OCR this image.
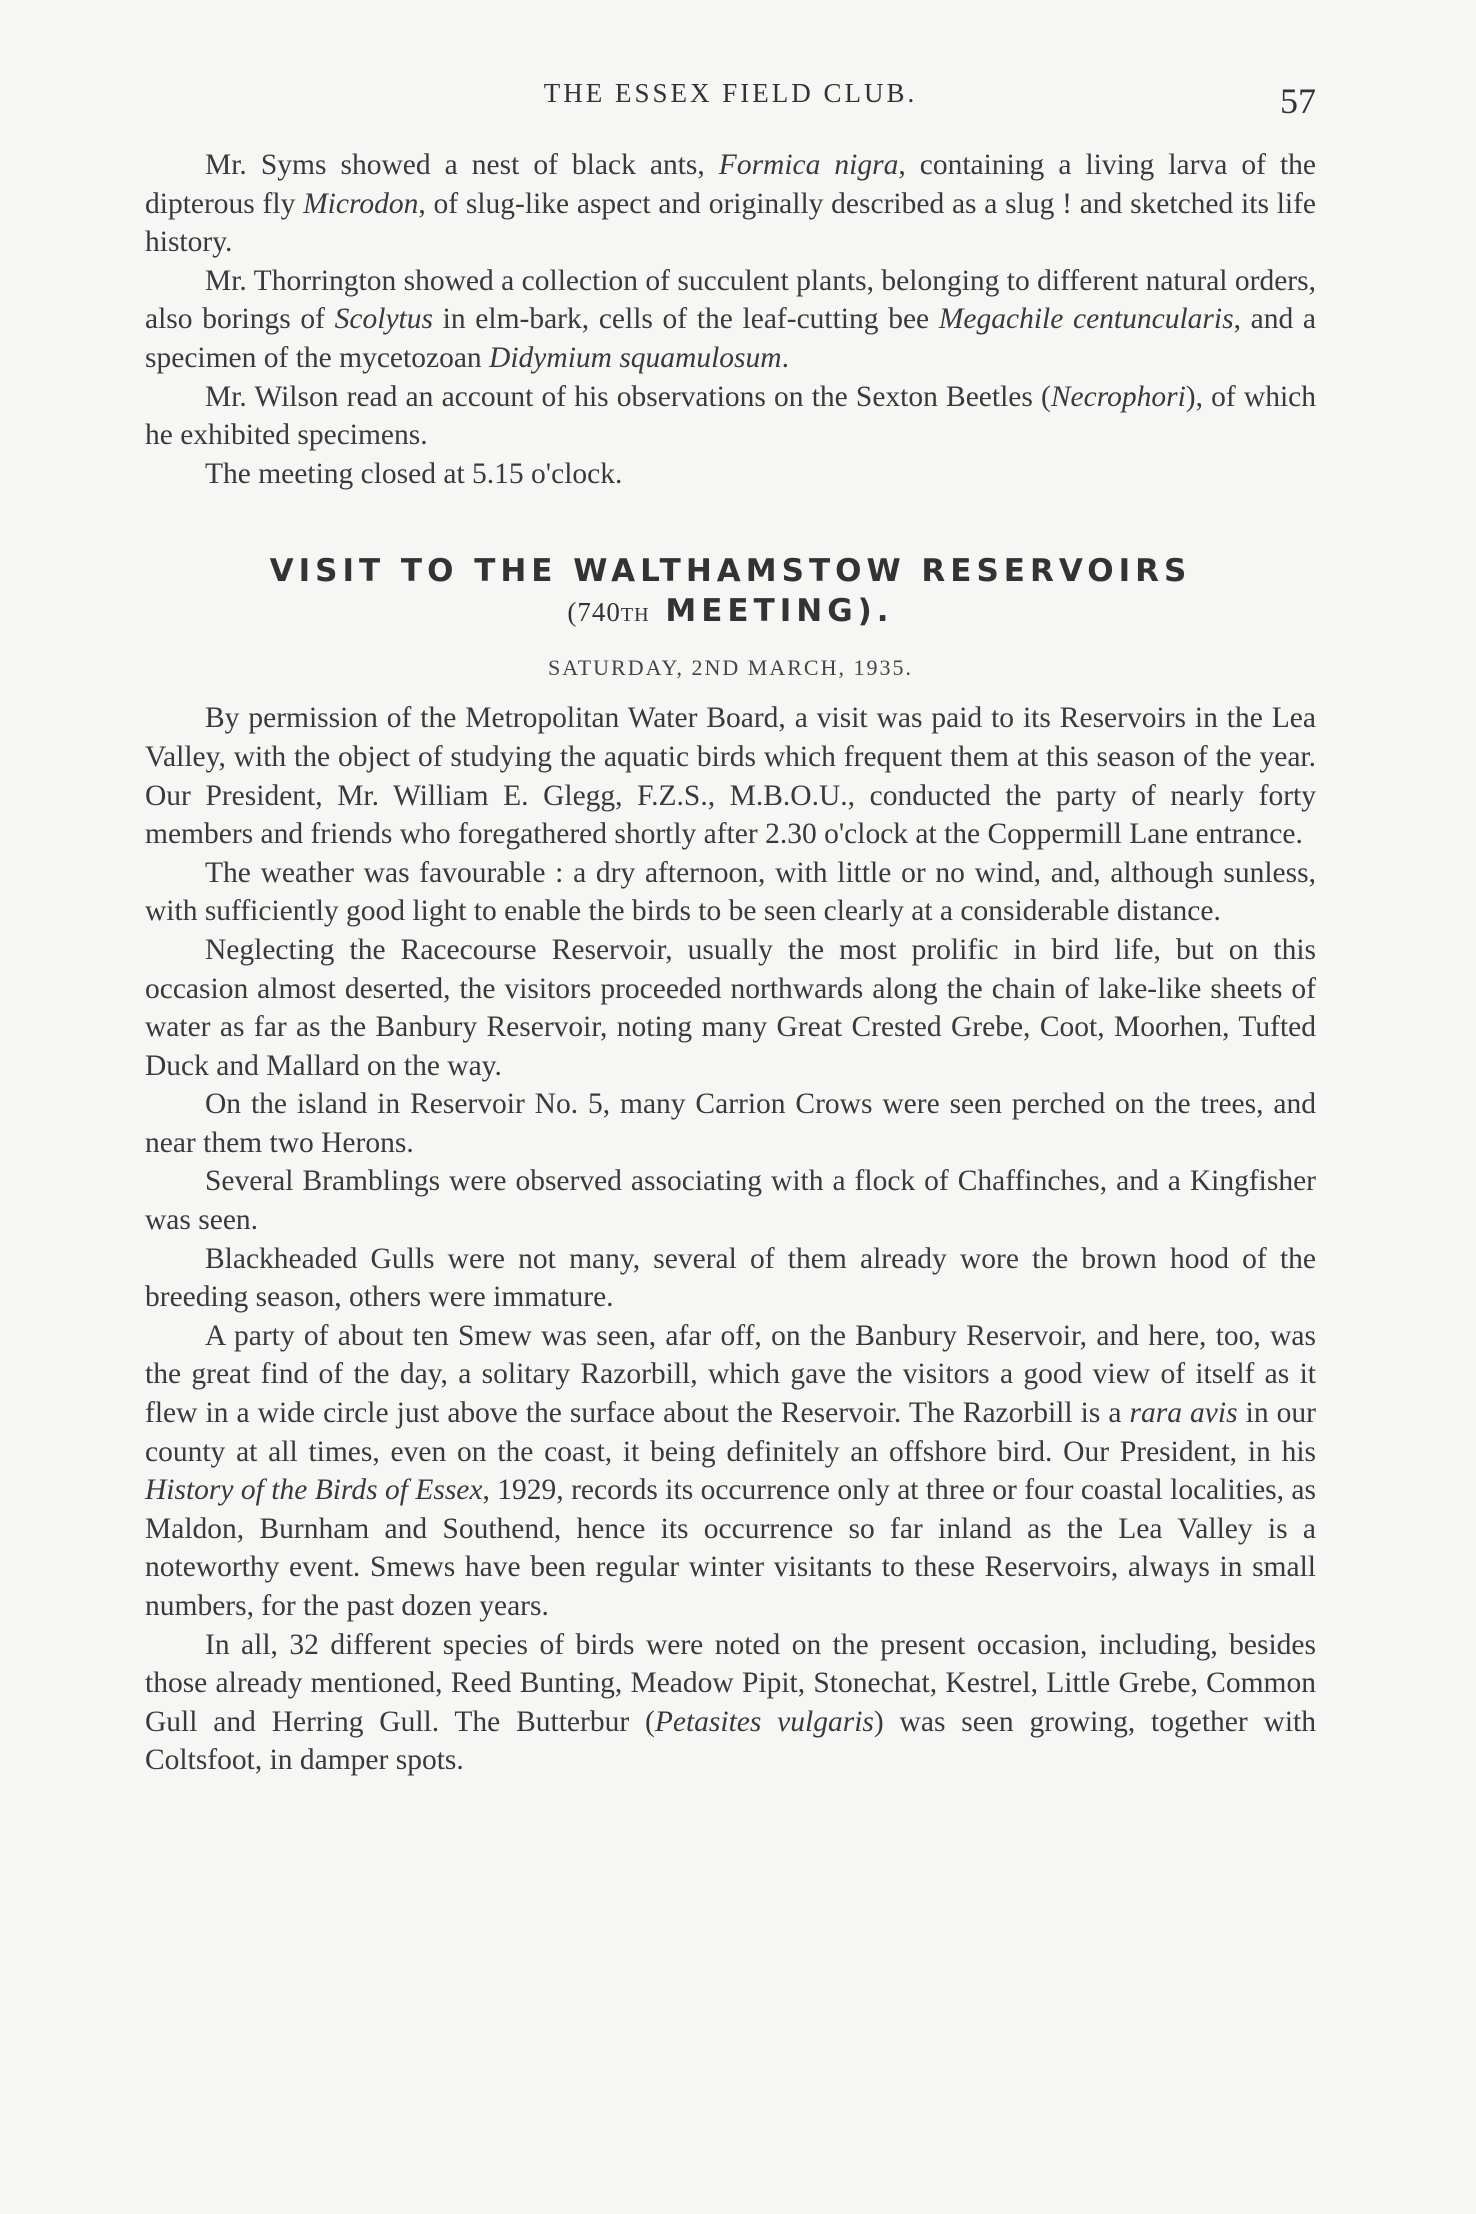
THE ESSEX FIELD CLUB.	57

Mr. Syms showed a nest of black ants, Formica nigra, containing a living larva of the dipterous fly Microdon, of slug-like aspect and originally described as a slug ! and sketched its life history.

Mr. Thorrington showed a collection of succulent plants, belonging to different natural orders, also borings of Scolytus in elm-bark, cells of the leaf-cutting bee Megachile centuncularis, and a specimen of the mycetozoan Didymium squamulosum.

Mr. Wilson read an account of his observations on the Sexton Beetles (Necrophori), of which he exhibited specimens.

The meeting closed at 5.15 o'clock.

VISIT TO THE WALTHAMSTOW RESERVOIRS
(740TH MEETING).
SATURDAY, 2ND MARCH, 1935.

By permission of the Metropolitan Water Board, a visit was paid to its Reservoirs in the Lea Valley, with the object of studying the aquatic birds which frequent them at this season of the year. Our President, Mr. William E. Glegg, F.Z.S., M.B.O.U., conducted the party of nearly forty members and friends who foregathered shortly after 2.30 o'clock at the Coppermill Lane entrance.

The weather was favourable : a dry afternoon, with little or no wind, and, although sunless, with sufficiently good light to enable the birds to be seen clearly at a considerable distance.

Neglecting the Racecourse Reservoir, usually the most prolific in bird life, but on this occasion almost deserted, the visitors proceeded northwards along the chain of lake-like sheets of water as far as the Banbury Reservoir, noting many Great Crested Grebe, Coot, Moorhen, Tufted Duck and Mallard on the way.

On the island in Reservoir No. 5, many Carrion Crows were seen perched on the trees, and near them two Herons.

Several Bramblings were observed associating with a flock of Chaffinches, and a Kingfisher was seen.

Blackheaded Gulls were not many, several of them already wore the brown hood of the breeding season, others were immature.

A party of about ten Smew was seen, afar off, on the Banbury Reservoir, and here, too, was the great find of the day, a solitary Razorbill, which gave the visitors a good view of itself as it flew in a wide circle just above the surface about the Reservoir. The Razorbill is a rara avis in our county at all times, even on the coast, it being definitely an offshore bird. Our President, in his History of the Birds of Essex, 1929, records its occurrence only at three or four coastal localities, as Maldon, Burnham and Southend, hence its occurrence so far inland as the Lea Valley is a noteworthy event. Smews have been regular winter visitants to these Reservoirs, always in small numbers, for the past dozen years.

In all, 32 different species of birds were noted on the present occasion, including, besides those already mentioned, Reed Bunting, Meadow Pipit, Stonechat, Kestrel, Little Grebe, Common Gull and Herring Gull. The Butterbur (Petasites vulgaris) was seen growing, together with Coltsfoot, in damper spots.
